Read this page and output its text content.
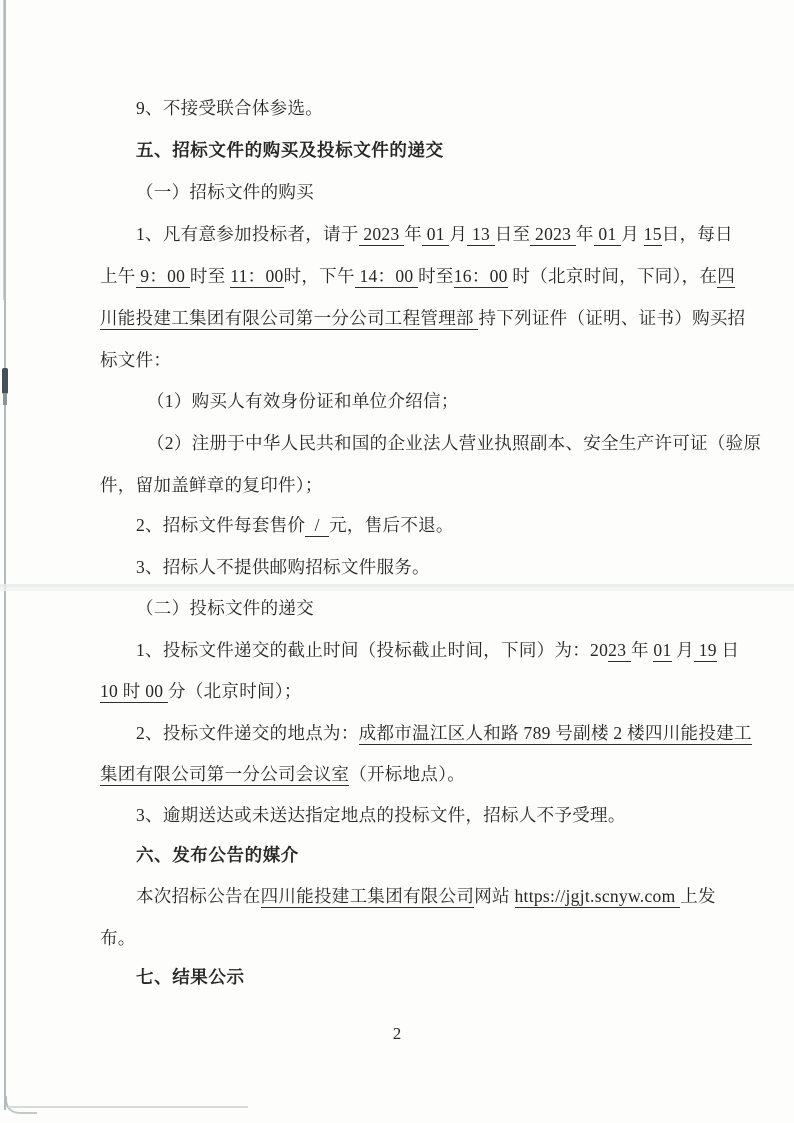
9、不接受联合体参选。
五、招标文件的购买及投标文件的递交
（一）招标文件的购买
1、凡有意参加投标者，请于 2023 年 01 月 13 日至 2023 年 01 月 15日，每日
上午 9：00 时至 11：00时，下午 14：00 时至16：00 时（北京时间，下同），在四
川能投建工集团有限公司第一分公司工程管理部 持下列证件（证明、证书）购买招
标文件：
（1）购买人有效身份证和单位介绍信；
（2）注册于中华人民共和国的企业法人营业执照副本、安全生产许可证（验原
件，留加盖鲜章的复印件）；
2、招标文件每套售价  /  元，售后不退。
3、招标人不提供邮购招标文件服务。
（二）投标文件的递交
1、投标文件递交的截止时间（投标截止时间，下同）为：2023 年 01 月 19 日
10 时 00 分（北京时间）；
2、投标文件递交的地点为：成都市温江区人和路 789 号副楼 2 楼四川能投建工
集团有限公司第一分公司会议室（开标地点）。
3、逾期送达或未送达指定地点的投标文件，招标人不予受理。
六、发布公告的媒介
本次招标公告在四川能投建工集团有限公司网站 https://jgjt.scnyw.com 上发
布。
七、结果公示
2
